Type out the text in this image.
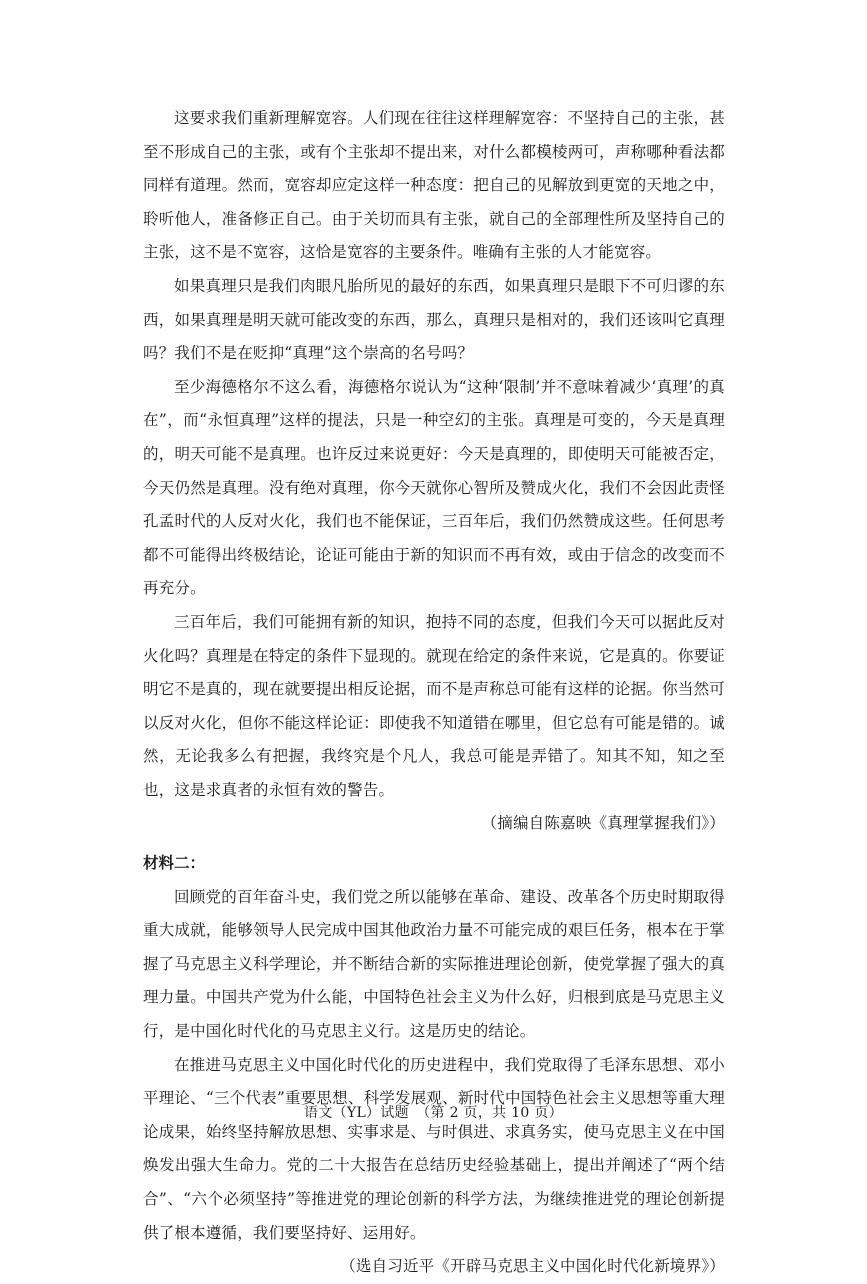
这要求我们重新理解宽容。人们现在往往这样理解宽容：不坚持自己的主张，甚至不形成自己的主张，或有个主张却不提出来，对什么都模棱两可，声称哪种看法都同样有道理。然而，宽容却应定这样一种态度：把自己的见解放到更宽的天地之中，聆听他人，准备修正自己。由于关切而具有主张，就自己的全部理性所及坚持自己的主张，这不是不宽容，这恰是宽容的主要条件。唯确有主张的人才能宽容。

如果真理只是我们肉眼凡胎所见的最好的东西，如果真理只是眼下不可归谬的东西，如果真理是明天就可能改变的东西，那么，真理只是相对的，我们还该叫它真理吗？我们不是在贬抑“真理”这个崇高的名号吗？

至少海德格尔不这么看，海德格尔说认为“这种‘限制’并不意味着减少‘真理’的真在”，而“永恒真理”这样的提法，只是一种空幻的主张。真理是可变的，今天是真理的，明天可能不是真理。也许反过来说更好：今天是真理的，即使明天可能被否定，今天仍然是真理。没有绝对真理，你今天就你心智所及赞成火化，我们不会因此责怪孔孟时代的人反对火化，我们也不能保证，三百年后，我们仍然赞成这些。任何思考都不可能得出终极结论，论证可能由于新的知识而不再有效，或由于信念的改变而不再充分。

三百年后，我们可能拥有新的知识，抱持不同的态度，但我们今天可以据此反对火化吗？真理是在特定的条件下显现的。就现在给定的条件来说，它是真的。你要证明它不是真的，现在就要提出相反论据，而不是声称总可能有这样的论据。你当然可以反对火化，但你不能这样论证：即使我不知道错在哪里，但它总有可能是错的。诚然，无论我多么有把握，我终究是个凡人，我总可能是弄错了。知其不知，知之至也，这是求真者的永恒有效的警告。

（摘编自陈嘉映《真理掌握我们》）

材料二：

回顾党的百年奋斗史，我们党之所以能够在革命、建设、改革各个历史时期取得重大成就，能够领导人民完成中国其他政治力量不可能完成的艰巨任务，根本在于掌握了马克思主义科学理论，并不断结合新的实际推进理论创新，使党掌握了强大的真理力量。中国共产党为什么能，中国特色社会主义为什么好，归根到底是马克思主义行，是中国化时代化的马克思主义行。这是历史的结论。

在推进马克思主义中国化时代化的历史进程中，我们党取得了毛泽东思想、邓小平理论、“三个代表”重要思想、科学发展观、新时代中国特色社会主义思想等重大理论成果，始终坚持解放思想、实事求是、与时俱进、求真务实，使马克思主义在中国焕发出强大生命力。党的二十大报告在总结历史经验基础上，提出并阐述了“两个结合”、“六个必须坚持”等推进党的理论创新的科学方法，为继续推进党的理论创新提供了根本遵循，我们要坚持好、运用好。

（选自习近平《开辟马克思主义中国化时代化新境界》）

语文（YL）试题　（第 2 页，共 10 页）
